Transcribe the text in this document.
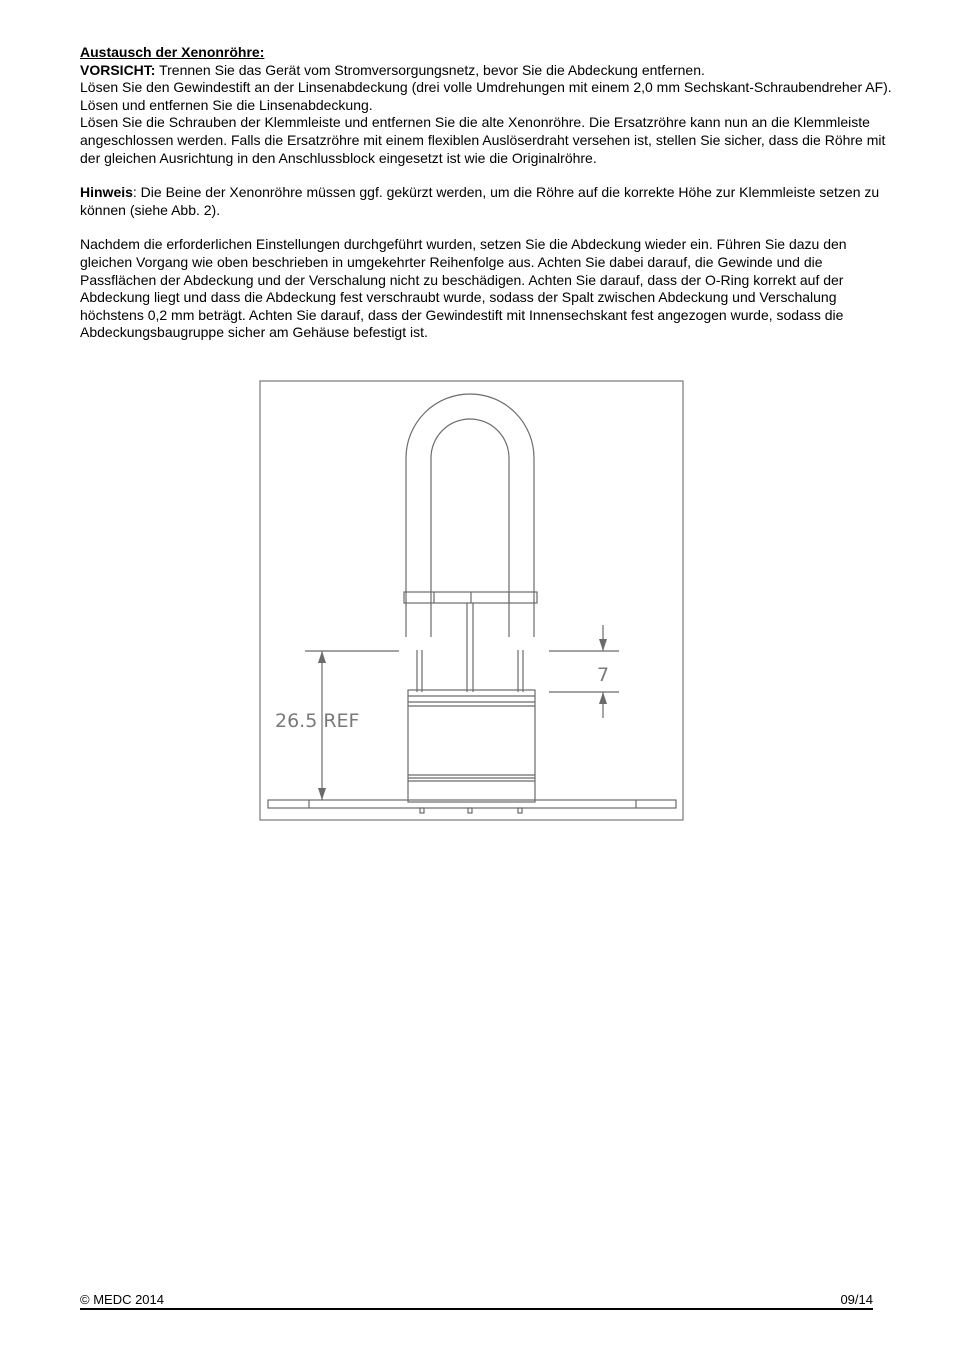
Austausch der Xenonröhre:

VORSICHT: Trennen Sie das Gerät vom Stromversorgungsnetz, bevor Sie die Abdeckung entfernen.

Lösen Sie den Gewindestift an der Linsenabdeckung (drei volle Umdrehungen mit einem 2,0 mm Sechskant-Schraubendreher AF). Lösen und entfernen Sie die Linsenabdeckung.

Lösen Sie die Schrauben der Klemmleiste und entfernen Sie die alte Xenonröhre. Die Ersatzröhre kann nun an die Klemmleiste angeschlossen werden. Falls die Ersatzröhre mit einem flexiblen Auslöserdraht versehen ist, stellen Sie sicher, dass die Röhre mit der gleichen Ausrichtung in den Anschlussblock eingesetzt ist wie die Originalröhre.

Hinweis: Die Beine der Xenonröhre müssen ggf. gekürzt werden, um die Röhre auf die korrekte Höhe zur Klemmleiste setzen zu können (siehe Abb. 2).

Nachdem die erforderlichen Einstellungen durchgeführt wurden, setzen Sie die Abdeckung wieder ein. Führen Sie dazu den gleichen Vorgang wie oben beschrieben in umgekehrter Reihenfolge aus. Achten Sie dabei darauf, die Gewinde und die Passflächen der Abdeckung und der Verschalung nicht zu beschädigen. Achten Sie darauf, dass der O-Ring korrekt auf der Abdeckung liegt und dass die Abdeckung fest verschraubt wurde, sodass der Spalt zwischen Abdeckung und Verschalung höchstens 0,2 mm beträgt. Achten Sie darauf, dass der Gewindestift mit Innensechskant fest angezogen wurde, sodass die Abdeckungsbaugruppe sicher am Gehäuse befestigt ist.

26.5 REF
7
© MEDC 2014	09/14
